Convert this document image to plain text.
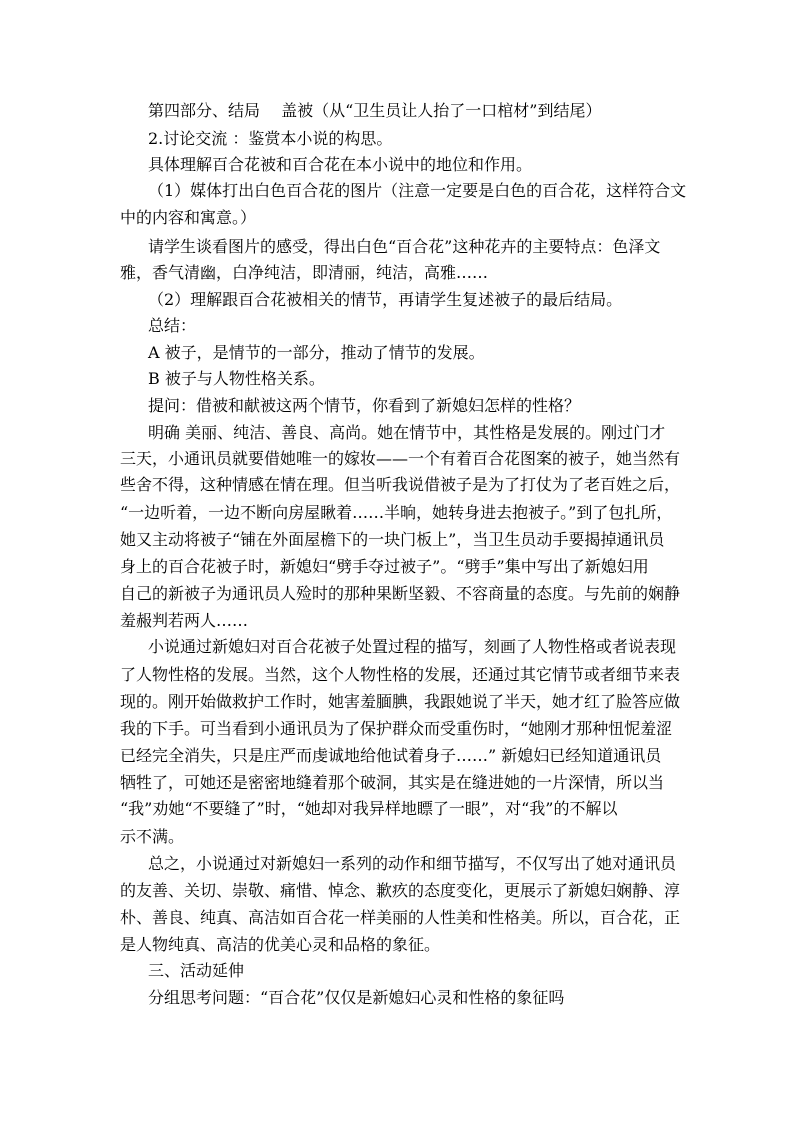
第四部分、结局　 盖被（从“卫生员让人抬了一口棺材”到结尾）
2.讨论交流 ：鉴赏本小说的构思。
具体理解百合花被和百合花在本小说中的地位和作用。
（1）媒体打出白色百合花的图片（注意一定要是白色的百合花，这样符合文
中的内容和寓意。）
请学生谈看图片的感受，得出白色“百合花”这种花卉的主要特点：色泽文
雅，香气清幽，白净纯洁，即清丽，纯洁，高雅……
（2）理解跟百合花被相关的情节，再请学生复述被子的最后结局。
总结：
A 被子，是情节的一部分，推动了情节的发展。
B 被子与人物性格关系。
提问：借被和献被这两个情节，你看到了新媳妇怎样的性格？
明确 美丽、纯洁、善良、高尚。她在情节中，其性格是发展的。刚过门才
三天，小通讯员就要借她唯一的嫁妆——一个有着百合花图案的被子，她当然有
些舍不得，这种情感在情在理。但当听我说借被子是为了打仗为了老百姓之后，
“一边听着，一边不断向房屋瞅着……半晌，她转身进去抱被子。”到了包扎所，
她又主动将被子“铺在外面屋檐下的一块门板上”，当卫生员动手要揭掉通讯员
身上的百合花被子时，新媳妇“劈手夺过被子”。“劈手”集中写出了新媳妇用
自己的新被子为通讯员人殓时的那种果断坚毅、不容商量的态度。与先前的娴静
羞赧判若两人……
小说通过新媳妇对百合花被子处置过程的描写，刻画了人物性格或者说表现
了人物性格的发展。当然，这个人物性格的发展，还通过其它情节或者细节来表
现的。刚开始做救护工作时，她害羞腼腆，我跟她说了半天，她才红了脸答应做
我的下手。可当看到小通讯员为了保护群众而受重伤时，“她刚才那种忸怩羞涩
已经完全消失，只是庄严而虔诚地给他试着身子……” 新媳妇已经知道通讯员
牺牲了，可她还是密密地缝着那个破洞，其实是在缝进她的一片深情，所以当
“我”劝她“不要缝了”时，“她却对我异样地瞟了一眼”，对“我”的不解以
示不满。
总之，小说通过对新媳妇一系列的动作和细节描写，不仅写出了她对通讯员
的友善、关切、崇敬、痛惜、悼念、歉疚的态度变化，更展示了新媳妇娴静、淳
朴、善良、纯真、高洁如百合花一样美丽的人性美和性格美。所以，百合花，正
是人物纯真、高洁的优美心灵和品格的象征。
三、活动延伸
分组思考问题：“百合花”仅仅是新媳妇心灵和性格的象征吗
